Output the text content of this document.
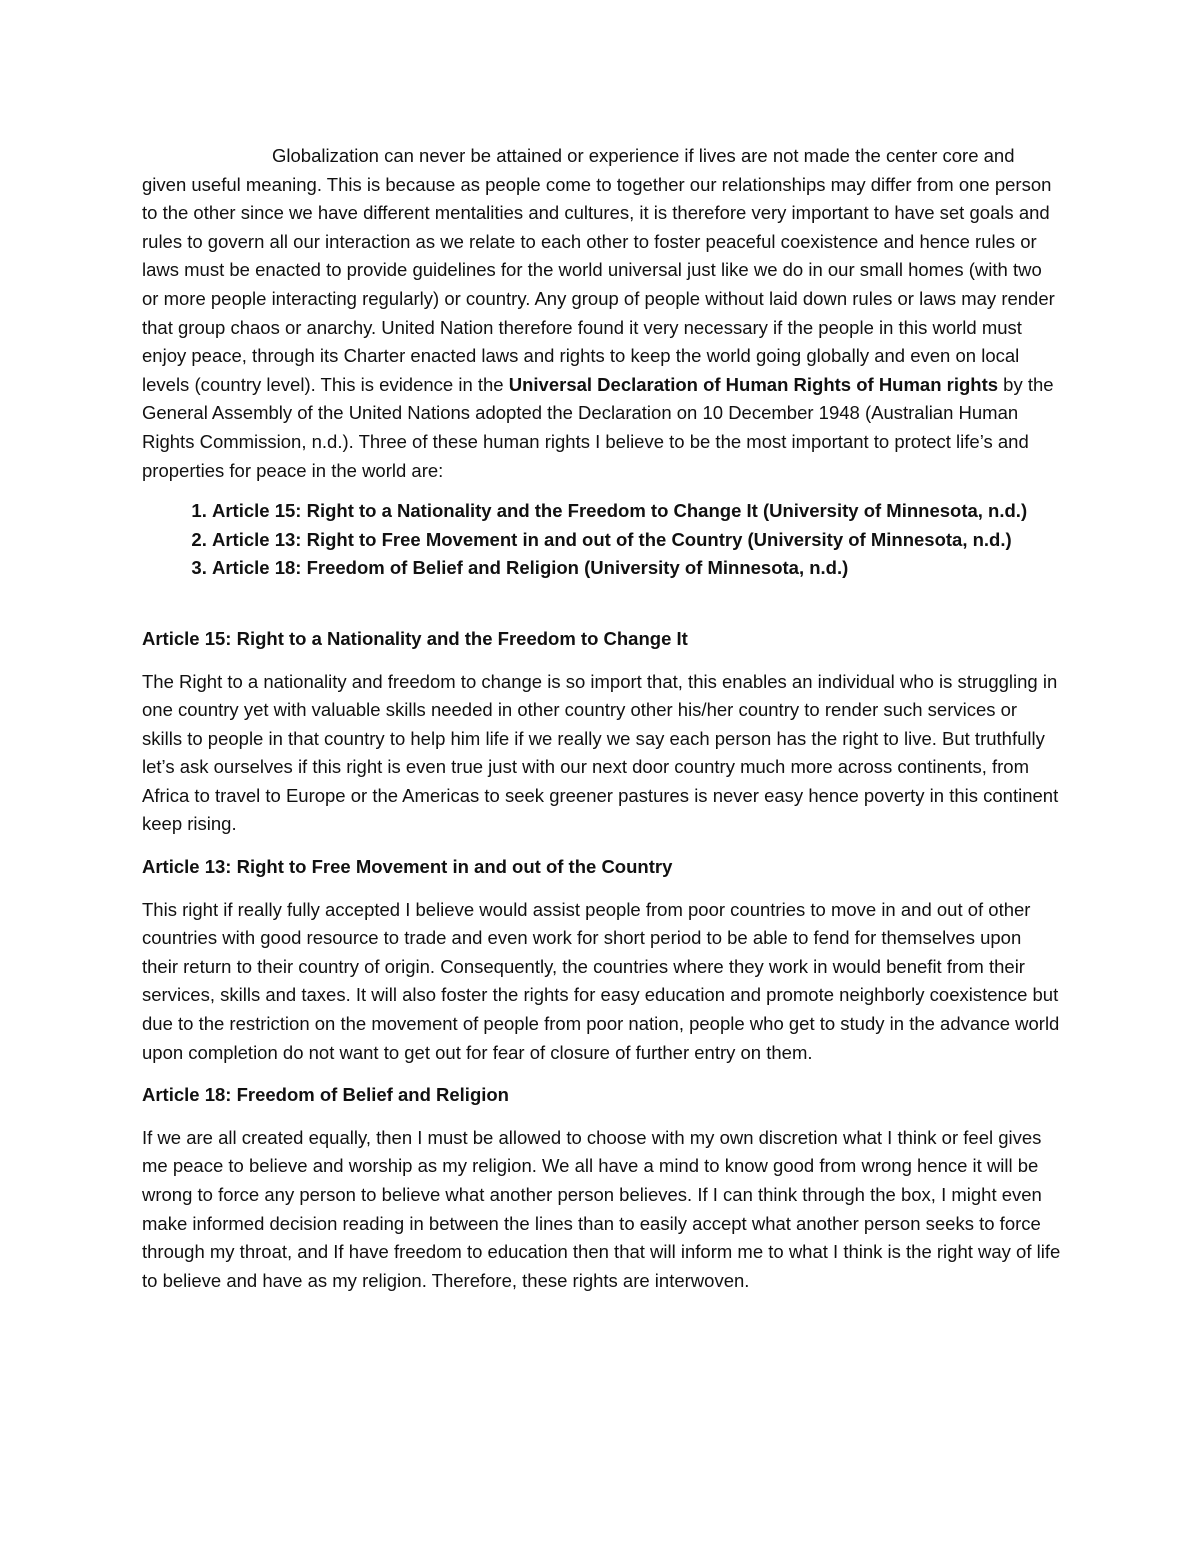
Globalization can never be attained or experience if lives are not made the center core and given useful meaning. This is because as people come to together our relationships may differ from one person to the other since we have different mentalities and cultures, it is therefore very important to have set goals and rules to govern all our interaction as we relate to each other to foster peaceful coexistence and hence rules or laws must be enacted to provide guidelines for the world universal just like we do in our small homes (with two or more people interacting regularly) or country. Any group of people without laid down rules or laws may render that group chaos or anarchy. United Nation therefore found it very necessary if the people in this world must enjoy peace, through its Charter enacted laws and rights to keep the world going globally and even on local levels (country level). This is evidence in the Universal Declaration of Human Rights of Human rights by the General Assembly of the United Nations adopted the Declaration on 10 December 1948 (Australian Human Rights Commission, n.d.). Three of these human rights I believe to be the most important to protect life’s and properties for peace in the world are:

1. Article 15: Right to a Nationality and the Freedom to Change It (University of Minnesota, n.d.)
2. Article 13: Right to Free Movement in and out of the Country (University of Minnesota, n.d.)
3. Article 18: Freedom of Belief and Religion (University of Minnesota, n.d.)

Article 15: Right to a Nationality and the Freedom to Change It

The Right to a nationality and freedom to change is so import that, this enables an individual who is struggling in one country yet with valuable skills needed in other country other his/her country to render such services or skills to people in that country to help him life if we really we say each person has the right to live. But truthfully let’s ask ourselves if this right is even true just with our next door country much more across continents, from Africa to travel to Europe or the Americas to seek greener pastures is never easy hence poverty in this continent keep rising.

Article 13: Right to Free Movement in and out of the Country

This right if really fully accepted I believe would assist people from poor countries to move in and out of other countries with good resource to trade and even work for short period to be able to fend for themselves upon their return to their country of origin. Consequently, the countries where they work in would benefit from their services, skills and taxes. It will also foster the rights for easy education and promote neighborly coexistence but due to the restriction on the movement of people from poor nation, people who get to study in the advance world upon completion do not want to get out for fear of closure of further entry on them.

Article 18: Freedom of Belief and Religion

If we are all created equally, then I must be allowed to choose with my own discretion what I think or feel gives me peace to believe and worship as my religion. We all have a mind to know good from wrong hence it will be wrong to force any person to believe what another person believes. If I can think through the box, I might even make informed decision reading in between the lines than to easily accept what another person seeks to force through my throat, and If have freedom to education then that will inform me to what I think is the right way of life to believe and have as my religion. Therefore, these rights are interwoven.
